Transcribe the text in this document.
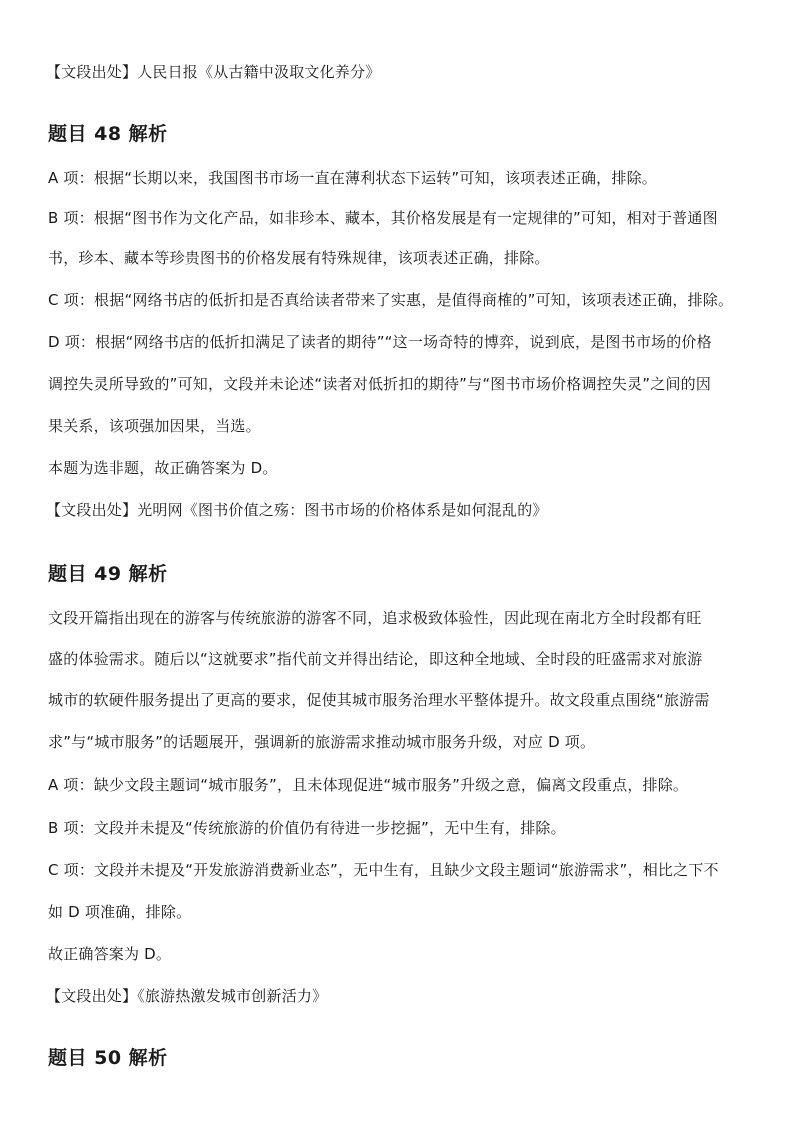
【文段出处】人民日报《从古籍中汲取文化养分》
题目 48 解析
A 项：根据“长期以来，我国图书市场一直在薄利状态下运转”可知，该项表述正确，排除。
B 项：根据“图书作为文化产品，如非珍本、藏本，其价格发展是有一定规律的”可知，相对于普通图
书，珍本、藏本等珍贵图书的价格发展有特殊规律，该项表述正确，排除。
C 项：根据“网络书店的低折扣是否真给读者带来了实惠，是值得商榷的”可知，该项表述正确，排除。
D 项：根据“网络书店的低折扣满足了读者的期待”“这一场奇特的博弈，说到底，是图书市场的价格
调控失灵所导致的”可知，文段并未论述“读者对低折扣的期待”与“图书市场价格调控失灵”之间的因
果关系，该项强加因果，当选。
本题为选非题，故正确答案为 D。
【文段出处】光明网《图书价值之殇：图书市场的价格体系是如何混乱的》
题目 49 解析
文段开篇指出现在的游客与传统旅游的游客不同，追求极致体验性，因此现在南北方全时段都有旺
盛的体验需求。随后以“这就要求”指代前文并得出结论，即这种全地域、全时段的旺盛需求对旅游
城市的软硬件服务提出了更高的要求，促使其城市服务治理水平整体提升。故文段重点围绕“旅游需
求”与“城市服务”的话题展开，强调新的旅游需求推动城市服务升级，对应 D 项。
A 项：缺少文段主题词“城市服务”，且未体现促进“城市服务”升级之意，偏离文段重点，排除。
B 项：文段并未提及“传统旅游的价值仍有待进一步挖掘”，无中生有，排除。
C 项：文段并未提及“开发旅游消费新业态”，无中生有，且缺少文段主题词“旅游需求”，相比之下不
如 D 项准确，排除。
故正确答案为 D。
【文段出处】《旅游热激发城市创新活力》
题目 50 解析
